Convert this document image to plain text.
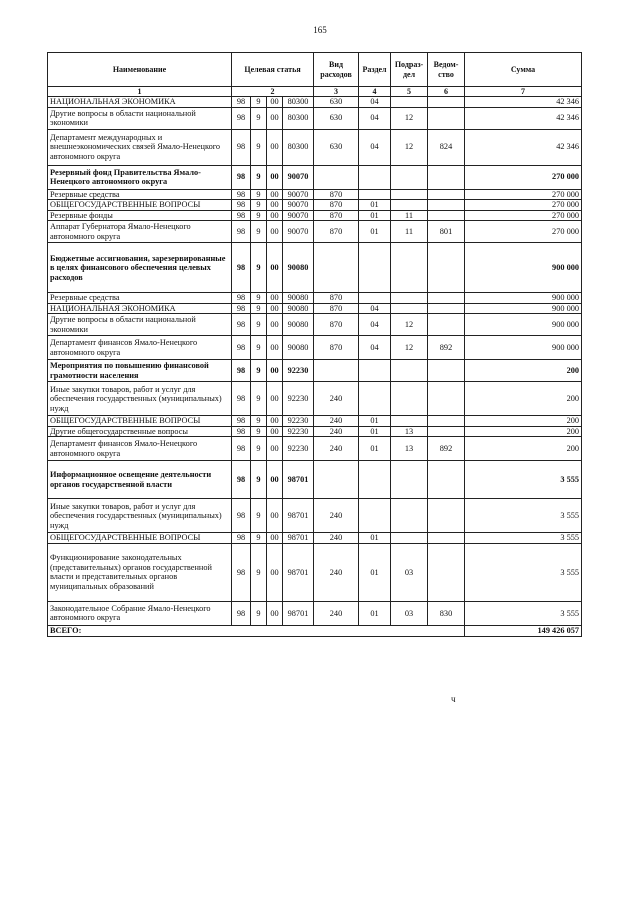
165
Наименование	Целевая статья				Вид расходов	Раздел	Подраз-дел	Ведом-ство	Сумма
1	2				3	4	5	6	7
НАЦИОНАЛЬНАЯ ЭКОНОМИКА	98	9	00	80300	630	04			42 346
Другие вопросы в области национальной экономики	98	9	00	80300	630	04	12		42 346
Департамент международных и внешнеэкономических связей Ямало-Ненецкого автономного округа	98	9	00	80300	630	04	12	824	42 346
Резервный фонд Правительства Ямало-Ненецкого автономного округа	98	9	00	90070					270 000
Резервные средства	98	9	00	90070	870				270 000
ОБЩЕГОСУДАРСТВЕННЫЕ ВОПРОСЫ	98	9	00	90070	870	01			270 000
Резервные фонды	98	9	00	90070	870	01	11		270 000
Аппарат Губернатора Ямало-Ненецкого автономного округа	98	9	00	90070	870	01	11	801	270 000
Бюджетные ассигнования, зарезервированные в целях финансового обеспечения целевых расходов	98	9	00	90080					900 000
Резервные средства	98	9	00	90080	870				900 000
НАЦИОНАЛЬНАЯ ЭКОНОМИКА	98	9	00	90080	870	04			900 000
Другие вопросы в области национальной экономики	98	9	00	90080	870	04	12		900 000
Департамент финансов Ямало-Ненецкого автономного округа	98	9	00	90080	870	04	12	892	900 000
Мероприятия по повышению финансовой грамотности населения	98	9	00	92230					200
Иные закупки товаров, работ и услуг для обеспечения государственных (муниципальных) нужд	98	9	00	92230	240				200
ОБЩЕГОСУДАРСТВЕННЫЕ ВОПРОСЫ	98	9	00	92230	240	01			200
Другие общегосударственные вопросы	98	9	00	92230	240	01	13		200
Департамент финансов Ямало-Ненецкого автономного округа	98	9	00	92230	240	01	13	892	200
Информационное освещение деятельности органов государственной власти	98	9	00	98701					3 555
Иные закупки товаров, работ и услуг для обеспечения государственных (муниципальных) нужд	98	9	00	98701	240				3 555
ОБЩЕГОСУДАРСТВЕННЫЕ ВОПРОСЫ	98	9	00	98701	240	01			3 555
Функционирование законодательных (представительных) органов государственной власти и представительных органов муниципальных образований	98	9	00	98701	240	01	03		3 555
Законодательное Собрание Ямало-Ненецкого автономного округа	98	9	00	98701	240	01	03	830	3 555
ВСЕГО:									149 426 057
ч
